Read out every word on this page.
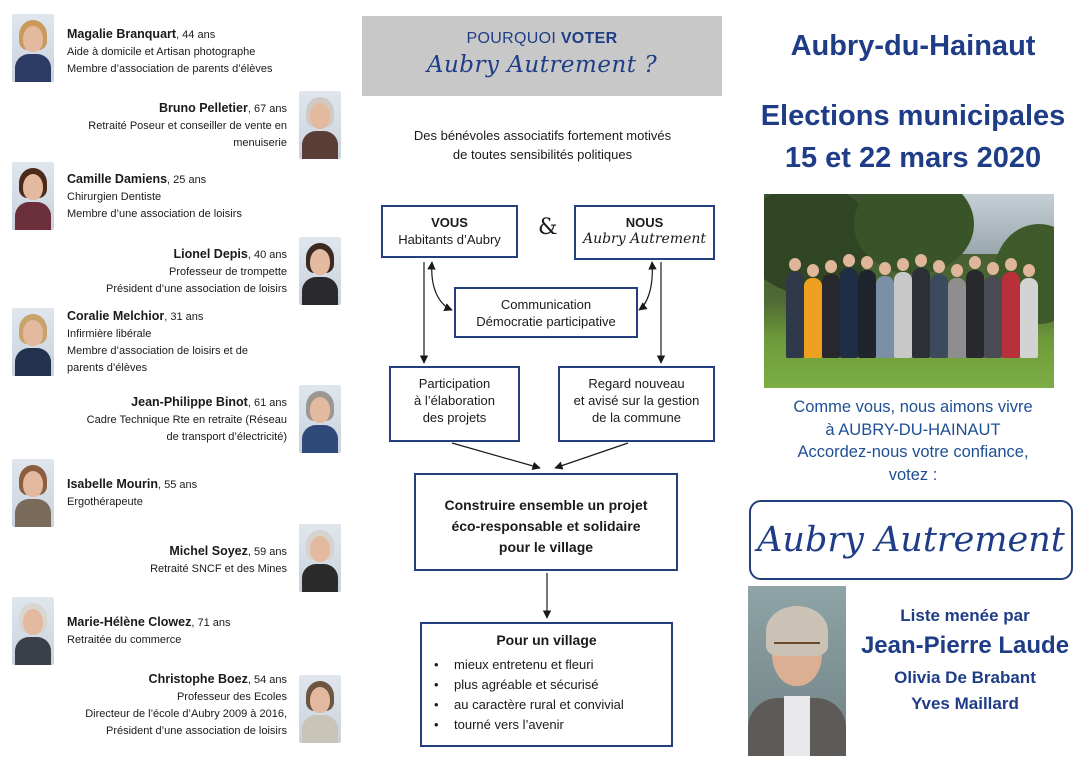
Magalie Branquart, 44 ans
Aide à domicile et Artisan photographe
Membre d’association de parents d’élèves
Bruno Pelletier, 67 ans
Retraité Poseur et conseiller de vente en
menuiserie
Camille Damiens, 25 ans
Chirurgien Dentiste
Membre d’une association de loisirs
Lionel Depis, 40 ans
Professeur de trompette
Président d’une association de loisirs
Coralie Melchior, 31 ans
Infirmière libérale
Membre d’association de loisirs et de
parents d’élèves
Jean-Philippe Binot, 61 ans
Cadre Technique Rte en retraite (Réseau
de transport d’électricité)
Isabelle Mourin, 55 ans
Ergothérapeute
Michel Soyez, 59 ans
Retraité SNCF et des Mines
Marie-Hélène Clowez, 71 ans
Retraitée du commerce
Christophe Boez, 54 ans
Professeur des Ecoles
Directeur de l’école d’Aubry 2009 à 2016,
Président d’une association de loisirs
POURQUOI VOTER
Aubry Autrement ?
Des bénévoles associatifs fortement motivés
de toutes sensibilités politiques
VOUS
Habitants d’Aubry	&	NOUS
Aubry Autrement
Communication
Démocratie participative
Participation
à l’élaboration
des projets
Regard nouveau
et avisé sur la gestion
de la commune
Construire ensemble un projet
éco-responsable et solidaire
pour le village
Pour un village
• mieux entretenu et fleuri
• plus agréable et sécurisé
• au caractère rural et convivial
• tourné vers l’avenir
Aubry-du-Hainaut
Elections municipales
15 et 22 mars 2020
Comme vous, nous aimons vivre
à AUBRY-DU-HAINAUT
Accordez-nous votre confiance,
votez :
Aubry Autrement
Liste menée par
Jean-Pierre Laude
Olivia De Brabant
Yves Maillard
